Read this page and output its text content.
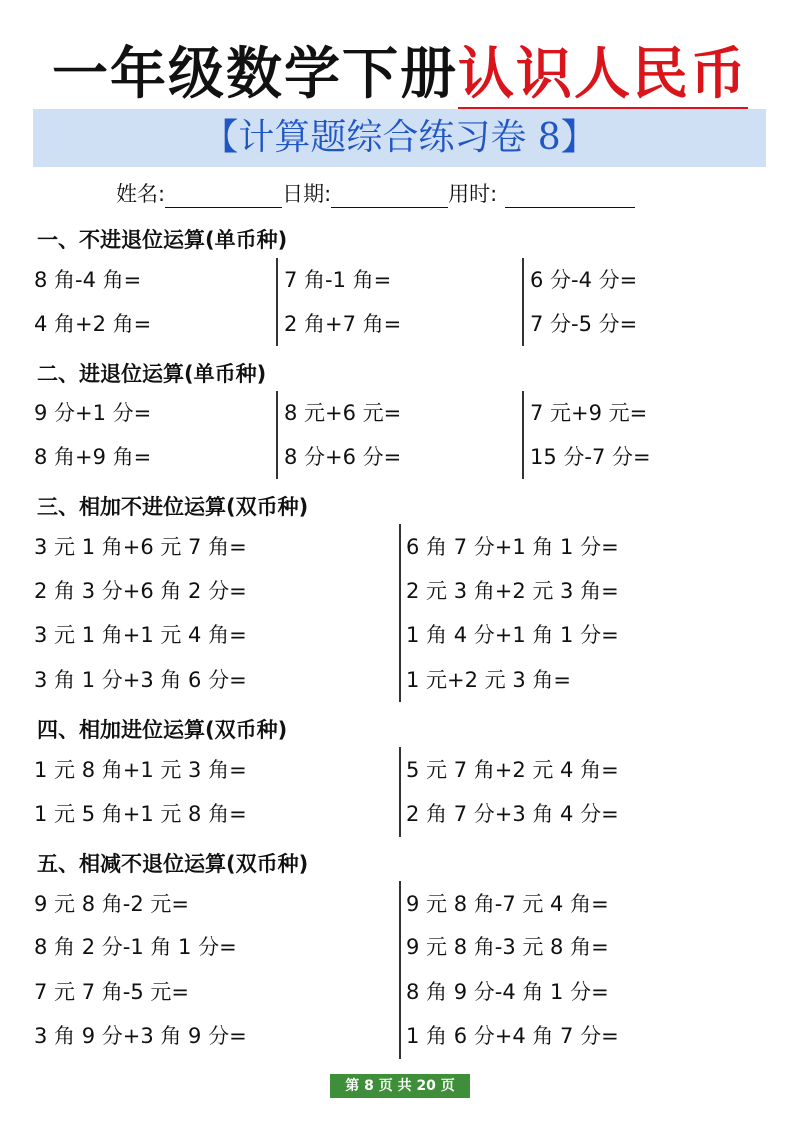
一年级数学下册认识人民币
【计算题综合练习卷 8】
姓名:	日期:	用时:
一、不进退位运算(单币种)
8 角-4 角=	7 角-1 角=	6 分-4 分=
4 角+2 角=	2 角+7 角=	7 分-5 分=
二、进退位运算(单币种)
9 分+1 分=	8 元+6 元=	7 元+9 元=
8 角+9 角=	8 分+6 分=	15 分-7 分=
三、相加不进位运算(双币种)
3 元 1 角+6 元 7 角=	6 角 7 分+1 角 1 分=
2 角 3 分+6 角 2 分=	2 元 3 角+2 元 3 角=
3 元 1 角+1 元 4 角=	1 角 4 分+1 角 1 分=
3 角 1 分+3 角 6 分=	1 元+2 元 3 角=
四、相加进位运算(双币种)
1 元 8 角+1 元 3 角=	5 元 7 角+2 元 4 角=
1 元 5 角+1 元 8 角=	2 角 7 分+3 角 4 分=
五、相减不退位运算(双币种)
9 元 8 角-2 元=	9 元 8 角-7 元 4 角=
8 角 2 分-1 角 1 分=	9 元 8 角-3 元 8 角=
7 元 7 角-5 元=	8 角 9 分-4 角 1 分=
3 角 9 分+3 角 9 分=	1 角 6 分+4 角 7 分=
第 8 页 共 20 页
